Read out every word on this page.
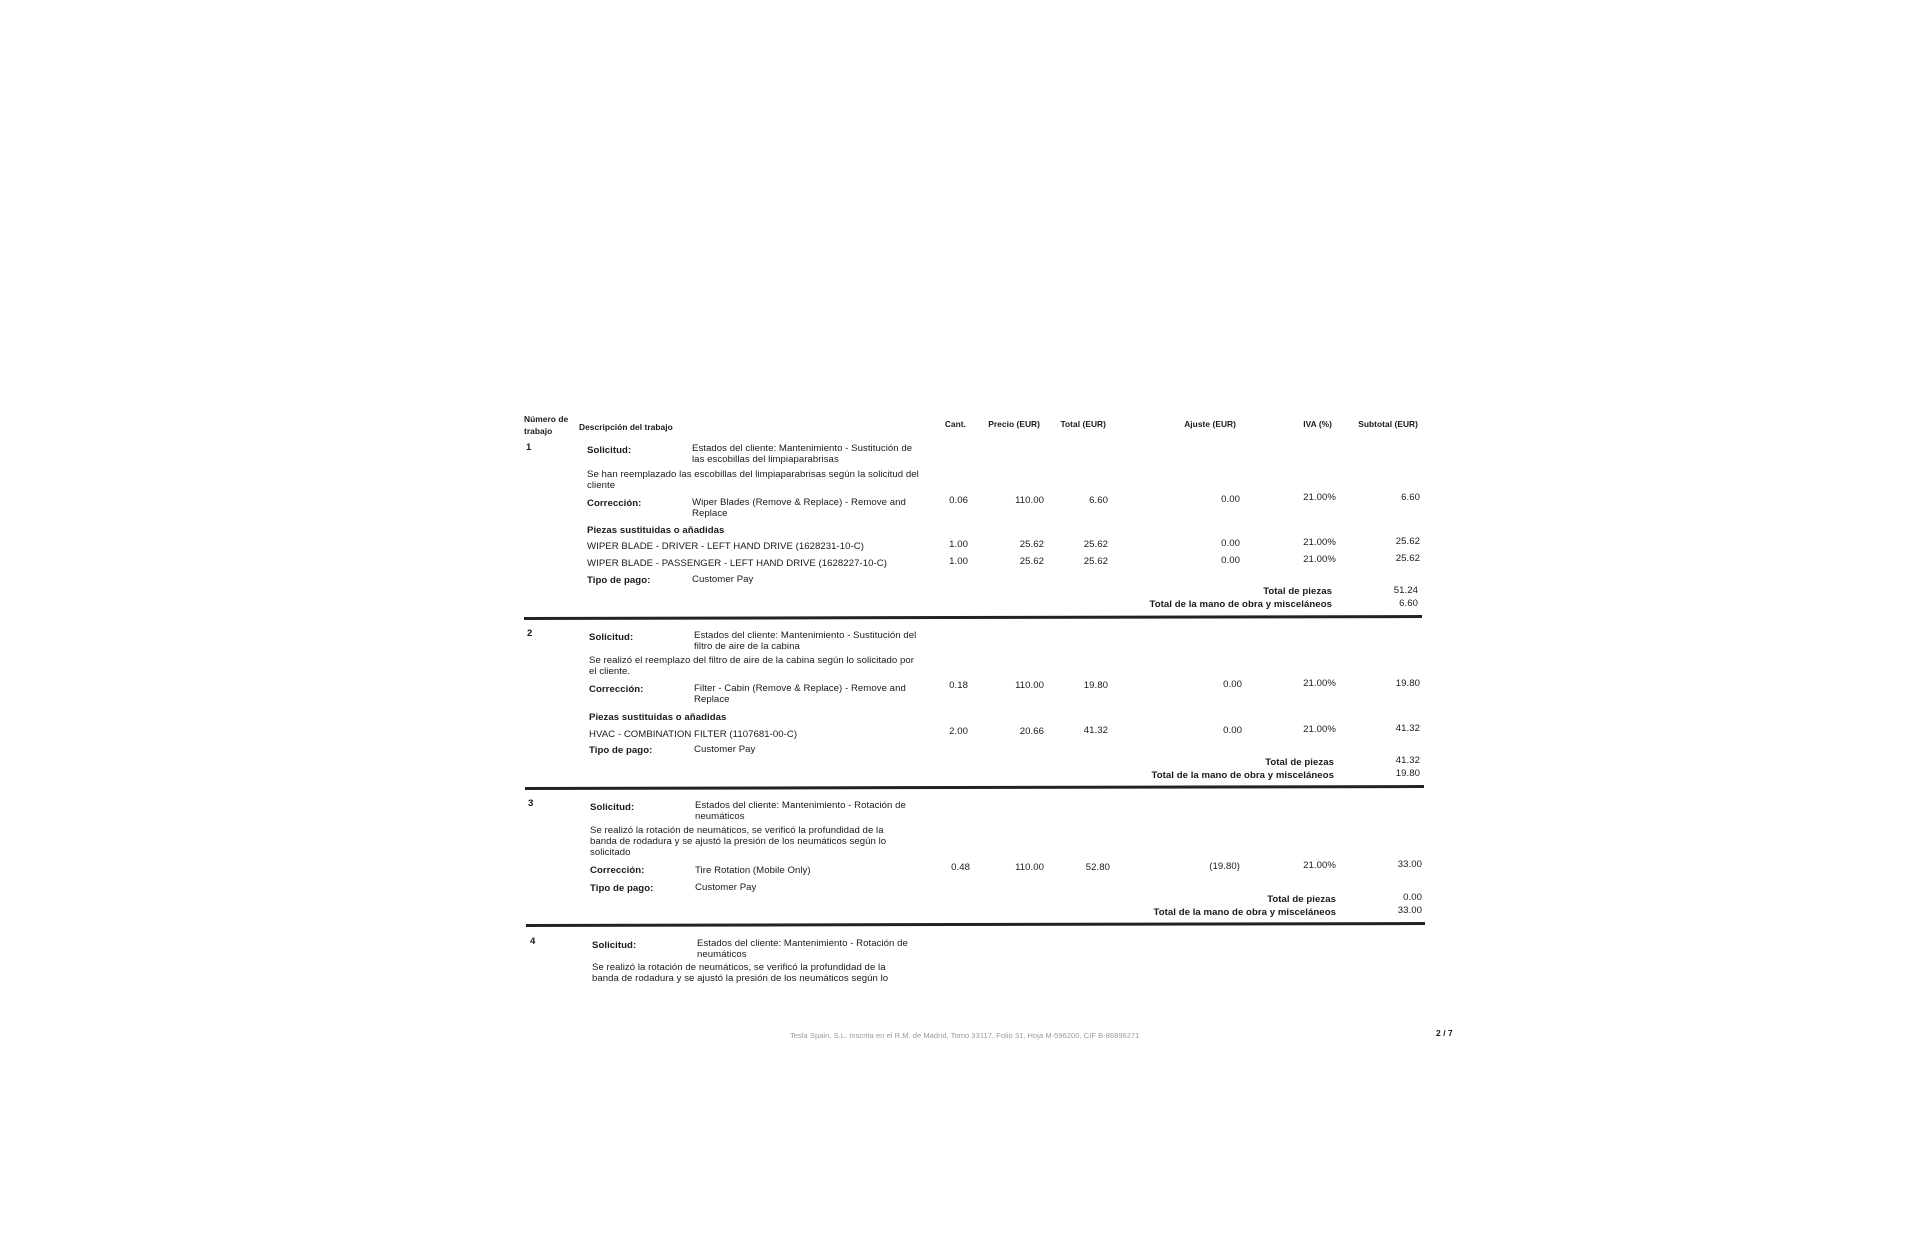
Número de trabajo	Descripción del trabajo	Cant.	Precio (EUR)	Total (EUR)	Ajuste (EUR)	IVA (%)	Subtotal (EUR)
1	Solicitud:	Estados del cliente: Mantenimiento - Sustitución de las escobillas del limpiaparabrisas
Se han reemplazado las escobillas del limpiaparabrisas según la solicitud del cliente
Corrección:	Wiper Blades (Remove & Replace) - Remove and Replace
0.06	110.00	6.60	0.00	21.00%	6.60
Piezas sustituidas o añadidas
WIPER BLADE - DRIVER - LEFT HAND DRIVE (1628231-10-C)	1.00	25.62	25.62	0.00	21.00%	25.62
WIPER BLADE - PASSENGER - LEFT HAND DRIVE (1628227-10-C)	1.00	25.62	25.62	0.00	21.00%	25.62
Tipo de pago:	Customer Pay
Total de piezas	51.24
Total de la mano de obra y misceláneos	6.60
2	Solicitud:	Estados del cliente: Mantenimiento - Sustitución del filtro de aire de la cabina
Se realizó el reemplazo del filtro de aire de la cabina según lo solicitado por el cliente.
Corrección:	Filter - Cabin (Remove & Replace) - Remove and Replace
0.18	110.00	19.80	0.00	21.00%	19.80
Piezas sustituidas o añadidas
HVAC - COMBINATION FILTER (1107681-00-C)	2.00	20.66	41.32	0.00	21.00%	41.32
Tipo de pago:	Customer Pay
Total de piezas	41.32
Total de la mano de obra y misceláneos	19.80
3	Solicitud:	Estados del cliente: Mantenimiento - Rotación de neumáticos
Se realizó la rotación de neumáticos, se verificó la profundidad de la banda de rodadura y se ajustó la presión de los neumáticos según lo solicitado
Corrección:	Tire Rotation (Mobile Only)	0.48	110.00	52.80	(19.80)	21.00%	33.00
Tipo de pago:	Customer Pay
Total de piezas	0.00
Total de la mano de obra y misceláneos	33.00
4	Solicitud:	Estados del cliente: Mantenimiento - Rotación de neumáticos
Se realizó la rotación de neumáticos, se verificó la profundidad de la banda de rodadura y se ajustó la presión de los neumáticos según lo
Tesla Spain, S.L. Inscrita en el R.M. de Madrid, Tomo 33117, Folio 31, Hoja M-596200, CIF B-86896271	2 / 7
